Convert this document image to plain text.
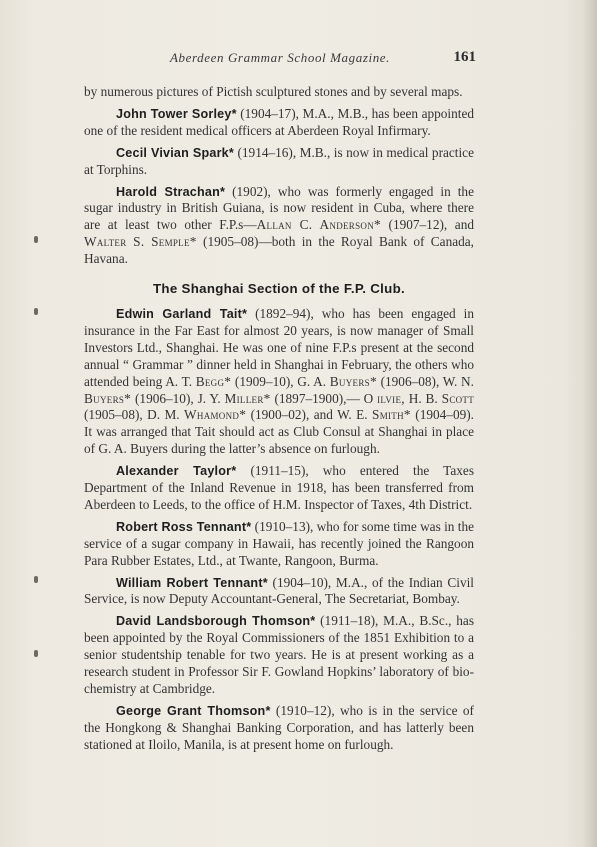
Aberdeen Grammar School Magazine.	161

by numerous pictures of Pictish sculptured stones and by several maps.

John Tower Sorley* (1904–17), M.A., M.B., has been appointed one of the resident medical officers at Aberdeen Royal Infirmary.

Cecil Vivian Spark* (1914–16), M.B., is now in medical practice at Torphins.

Harold Strachan* (1902), who was formerly engaged in the sugar industry in British Guiana, is now resident in Cuba, where there are at least two other F.P.s—Allan C. Anderson* (1907–12), and Walter S. Semple* (1905–08)—both in the Royal Bank of Canada, Havana.

The Shanghai Section of the F.P. Club.

Edwin Garland Tait* (1892–94), who has been engaged in insurance in the Far East for almost 20 years, is now manager of Small Investors Ltd., Shanghai. He was one of nine F.P.s present at the second annual “ Grammar ” dinner held in Shanghai in February, the others who attended being A. T. Begg* (1909–10), G. A. Buyers* (1906–08), W. N. Buyers* (1906–10), J. Y. Miller* (1897–1900),— O ilvie, H. B. Scott (1905–08), D. M. Whamond* (1900–02), and W. E. Smith* (1904–09). It was arranged that Tait should act as Club Consul at Shanghai in place of G. A. Buyers during the latter’s absence on furlough.

Alexander Taylor* (1911–15), who entered the Taxes Department of the Inland Revenue in 1918, has been transferred from Aberdeen to Leeds, to the office of H.M. Inspector of Taxes, 4th District.

Robert Ross Tennant* (1910–13), who for some time was in the service of a sugar company in Hawaii, has recently joined the Rangoon Para Rubber Estates, Ltd., at Twante, Rangoon, Burma.

William Robert Tennant* (1904–10), M.A., of the Indian Civil Service, is now Deputy Accountant-General, The Secretariat, Bombay.

David Landsborough Thomson* (1911–18), M.A., B.Sc., has been appointed by the Royal Commissioners of the 1851 Exhibition to a senior studentship tenable for two years. He is at present working as a research student in Professor Sir F. Gowland Hopkins’ laboratory of bio-chemistry at Cambridge.

George Grant Thomson* (1910–12), who is in the service of the Hongkong & Shanghai Banking Corporation, and has latterly been stationed at Iloilo, Manila, is at present home on furlough.
